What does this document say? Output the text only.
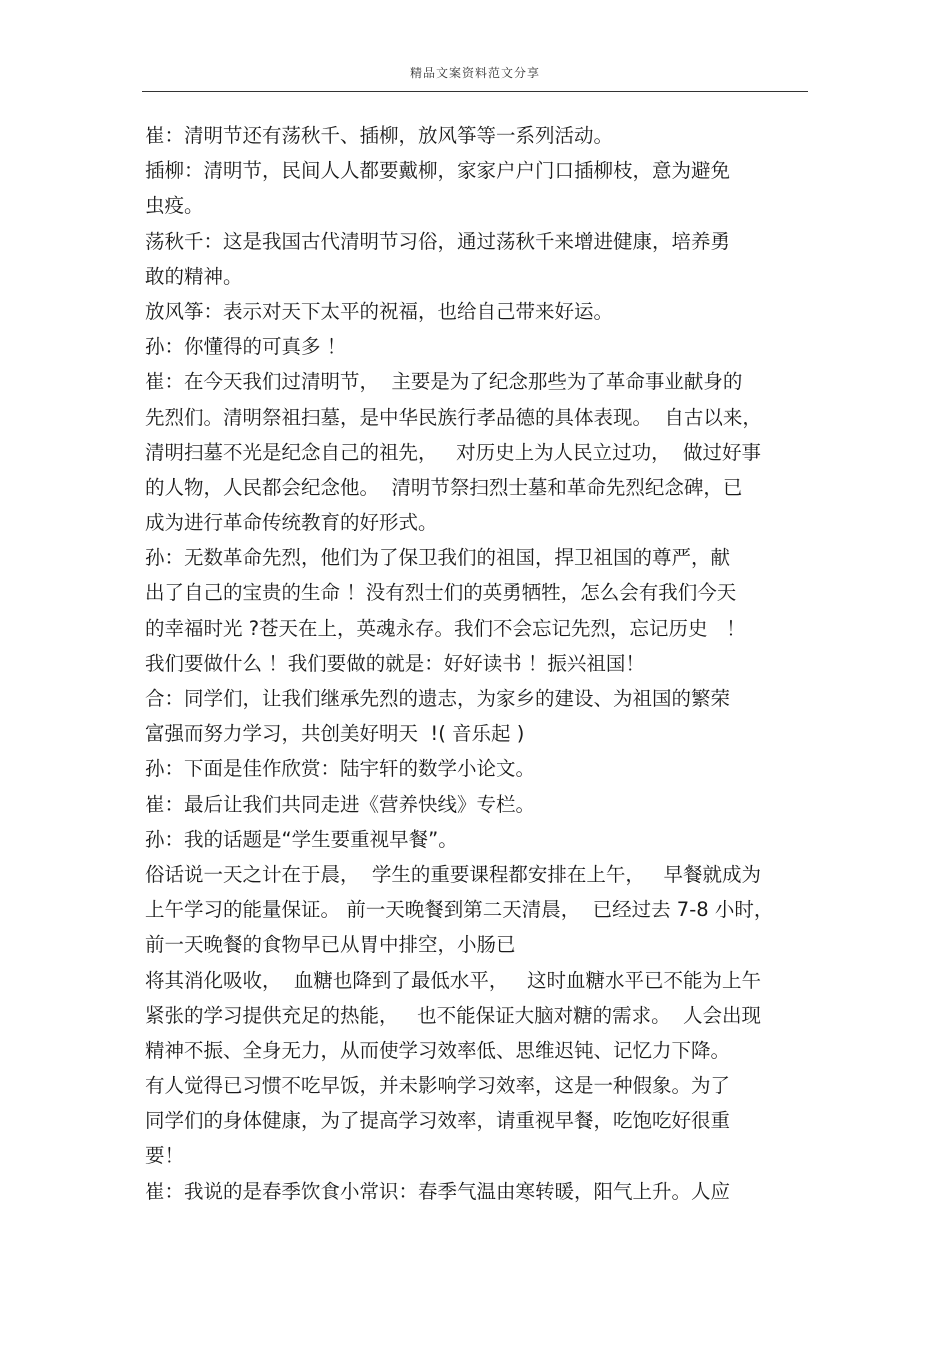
精品文案资料范文分享
崔：清明节还有荡秋千、插柳，放风筝等一系列活动。
插柳：清明节，民间人人都要戴柳，家家户户门口插柳枝，意为避免
虫疫。
荡秋千：这是我国古代清明节习俗，通过荡秋千来增进健康，培养勇
敢的精神。
放风筝：表示对天下太平的祝福，也给自己带来好运。
孙：你懂得的可真多 ！
崔：在今天我们过清明节，  主要是为了纪念那些为了革命事业献身的
先烈们。清明祭祖扫墓，是中华民族行孝品德的具体表现。  自古以来，
清明扫墓不光是纪念自己的祖先，   对历史上为人民立过功，  做过好事
的人物，人民都会纪念他。  清明节祭扫烈士墓和革命先烈纪念碑，已
成为进行革命传统教育的好形式。
孙：无数革命先烈，他们为了保卫我们的祖国，捍卫祖国的尊严，献
出了自己的宝贵的生命 ！没有烈士们的英勇牺牲，怎么会有我们今天
的幸福时光 ?苍天在上，英魂永存。我们不会忘记先烈，忘记历史   ！
我们要做什么 ！我们要做的就是：好好读书 ！振兴祖国！
合：同学们，让我们继承先烈的遗志，为家乡的建设、为祖国的繁荣
富强而努力学习，共创美好明天  !( 音乐起 )
孙：下面是佳作欣赏：陆宇轩的数学小论文。
崔：最后让我们共同走进《营养快线》专栏。
孙：我的话题是“学生要重视早餐”。
俗话说一天之计在于晨，  学生的重要课程都安排在上午，   早餐就成为
上午学习的能量保证。 前一天晚餐到第二天清晨，  已经过去 7-8 小时，
前一天晚餐的食物早已从胃中排空，小肠已
将其消化吸收，  血糖也降到了最低水平，   这时血糖水平已不能为上午
紧张的学习提供充足的热能，   也不能保证大脑对糖的需求。  人会出现
精神不振、全身无力，从而使学习效率低、思维迟钝、记忆力下降。
有人觉得已习惯不吃早饭，并未影响学习效率，这是一种假象。为了
同学们的身体健康，为了提高学习效率，请重视早餐，吃饱吃好很重
要！
崔：我说的是春季饮食小常识：春季气温由寒转暖，阳气上升。人应
